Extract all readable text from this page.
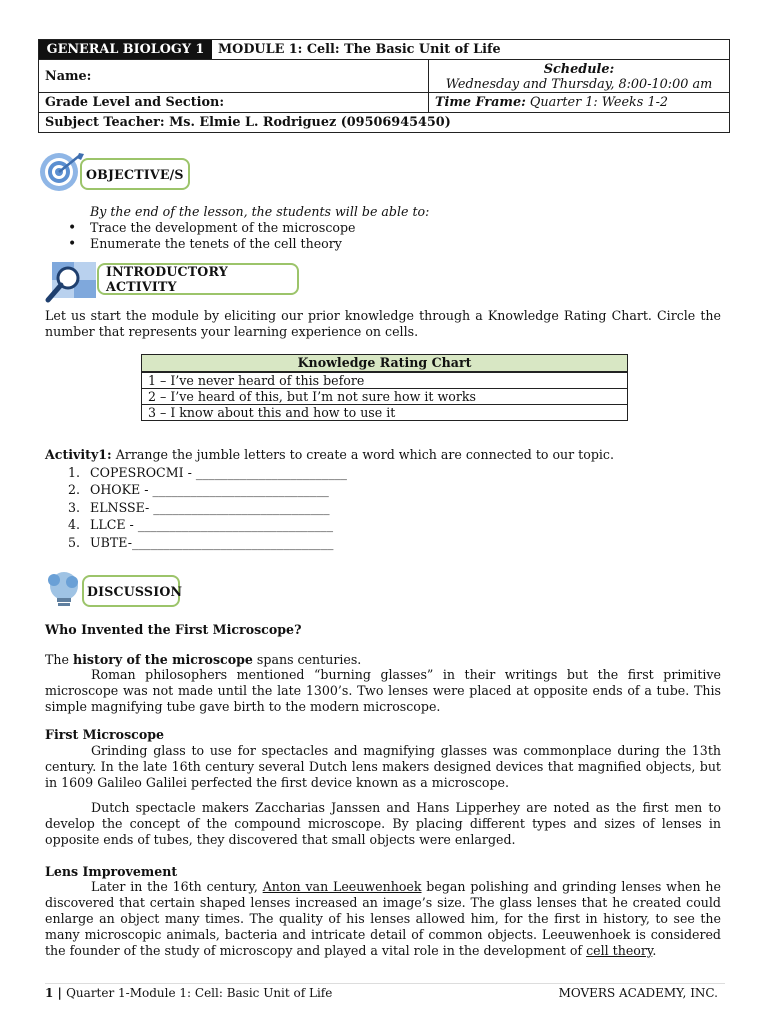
GENERAL BIOLOGY 1	MODULE 1: Cell: The Basic Unit of Life
Name:	Schedule:
Wednesday and Thursday, 8:00-10:00 am
Grade Level and Section:	Time Frame: Quarter 1: Weeks 1-2
Subject Teacher: Ms. Elmie L. Rodriguez (09506945450)
OBJECTIVE/S
By the end of the lesson, the students will be able to:
• Trace the development of the microscope
• Enumerate the tenets of the cell theory
INTRODUCTORY ACTIVITY
Let us start the module by eliciting our prior knowledge through a Knowledge Rating Chart. Circle the number that represents your learning experience on cells.
Knowledge Rating Chart
1 – I’ve never heard of this before
2 – I’ve heard of this, but I’m not sure how it works
3 – I know about this and how to use it
Activity1: Arrange the jumble letters to create a word which are connected to our topic.
1. COPESROCMI - ________________________
2. OHOKE - ____________________________
3. ELNSSE- ____________________________
4. LLCE - _______________________________
5. UBTE-________________________________
DISCUSSION
Who Invented the First Microscope?
The history of the microscope spans centuries.
Roman philosophers mentioned “burning glasses” in their writings but the first primitive microscope was not made until the late 1300’s. Two lenses were placed at opposite ends of a tube. This simple magnifying tube gave birth to the modern microscope.
First Microscope
Grinding glass to use for spectacles and magnifying glasses was commonplace during the 13th century. In the late 16th century several Dutch lens makers designed devices that magnified objects, but in 1609 Galileo Galilei perfected the first device known as a microscope.
Dutch spectacle makers Zaccharias Janssen and Hans Lipperhey are noted as the first men to develop the concept of the compound microscope. By placing different types and sizes of lenses in opposite ends of tubes, they discovered that small objects were enlarged.
Lens Improvement
Later in the 16th century, Anton van Leeuwenhoek began polishing and grinding lenses when he discovered that certain shaped lenses increased an image’s size. The glass lenses that he created could enlarge an object many times. The quality of his lenses allowed him, for the first in history, to see the many microscopic animals, bacteria and intricate detail of common objects. Leeuwenhoek is considered the founder of the study of microscopy and played a vital role in the development of cell theory.
1 | Quarter 1-Module 1: Cell: Basic Unit of Life	MOVERS ACADEMY, INC.
